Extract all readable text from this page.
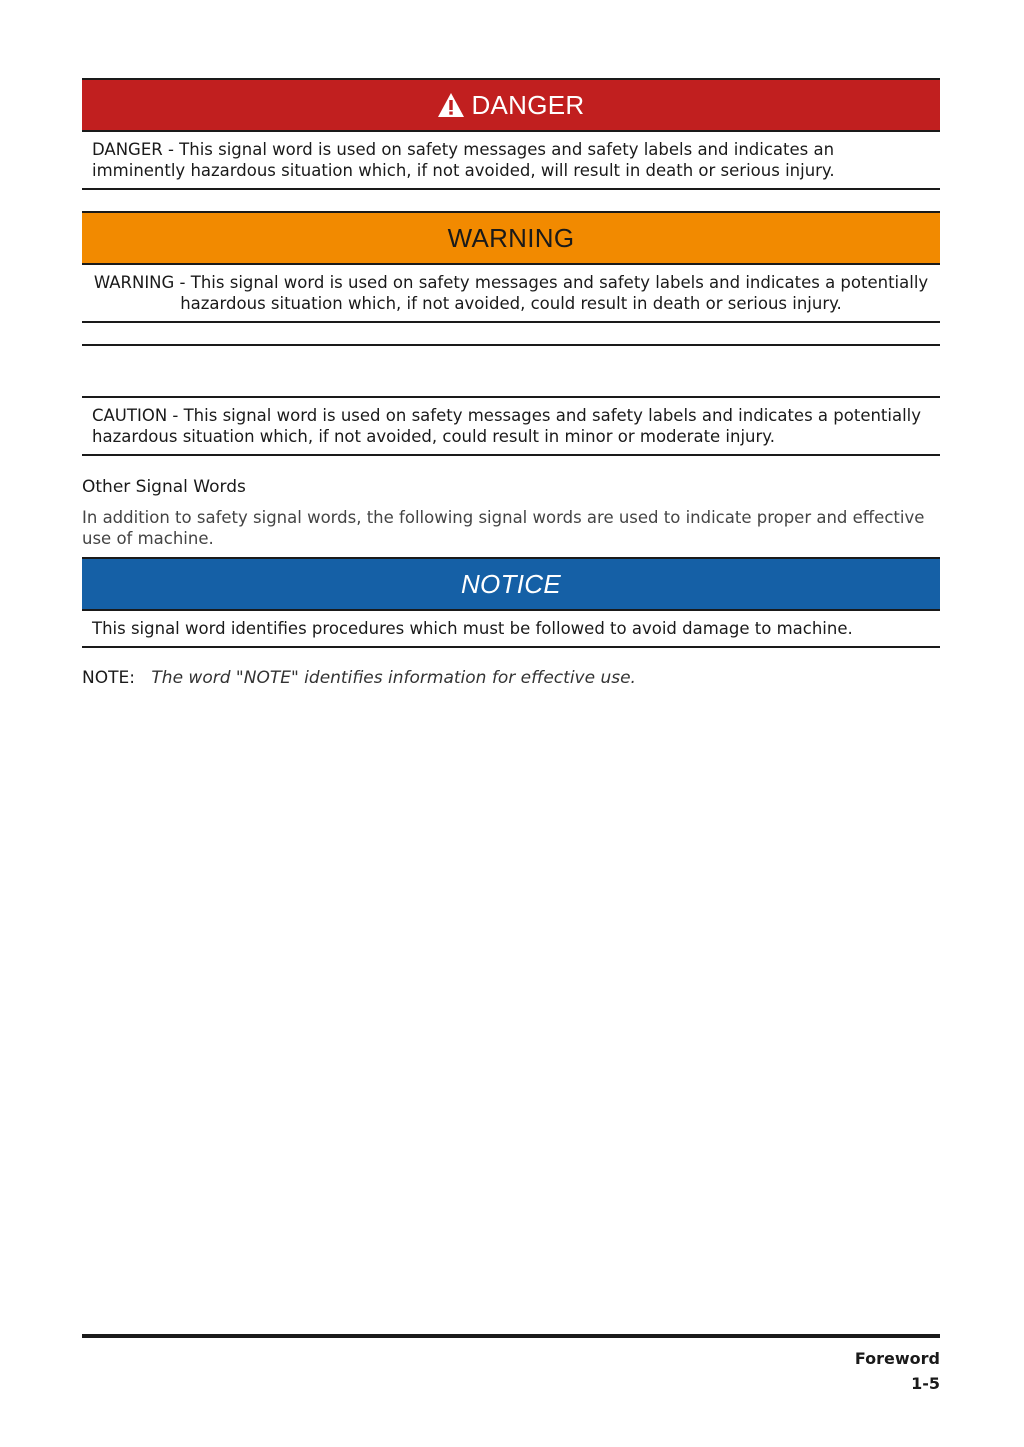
DANGER
DANGER - This signal word is used on safety messages and safety labels and indicates an imminently hazardous situation which, if not avoided, will result in death or serious injury.
WARNING
WARNING - This signal word is used on safety messages and safety labels and indicates a potentially hazardous situation which, if not avoided, could result in death or serious injury.
CAUTION - This signal word is used on safety messages and safety labels and indicates a potentially hazardous situation which, if not avoided, could result in minor or moderate injury.
Other Signal Words
In addition to safety signal words, the following signal words are used to indicate proper and effective use of machine.
NOTICE
This signal word identifies procedures which must be followed to avoid damage to machine.
NOTE: The word "NOTE" identifies information for effective use.
Foreword
1-5
